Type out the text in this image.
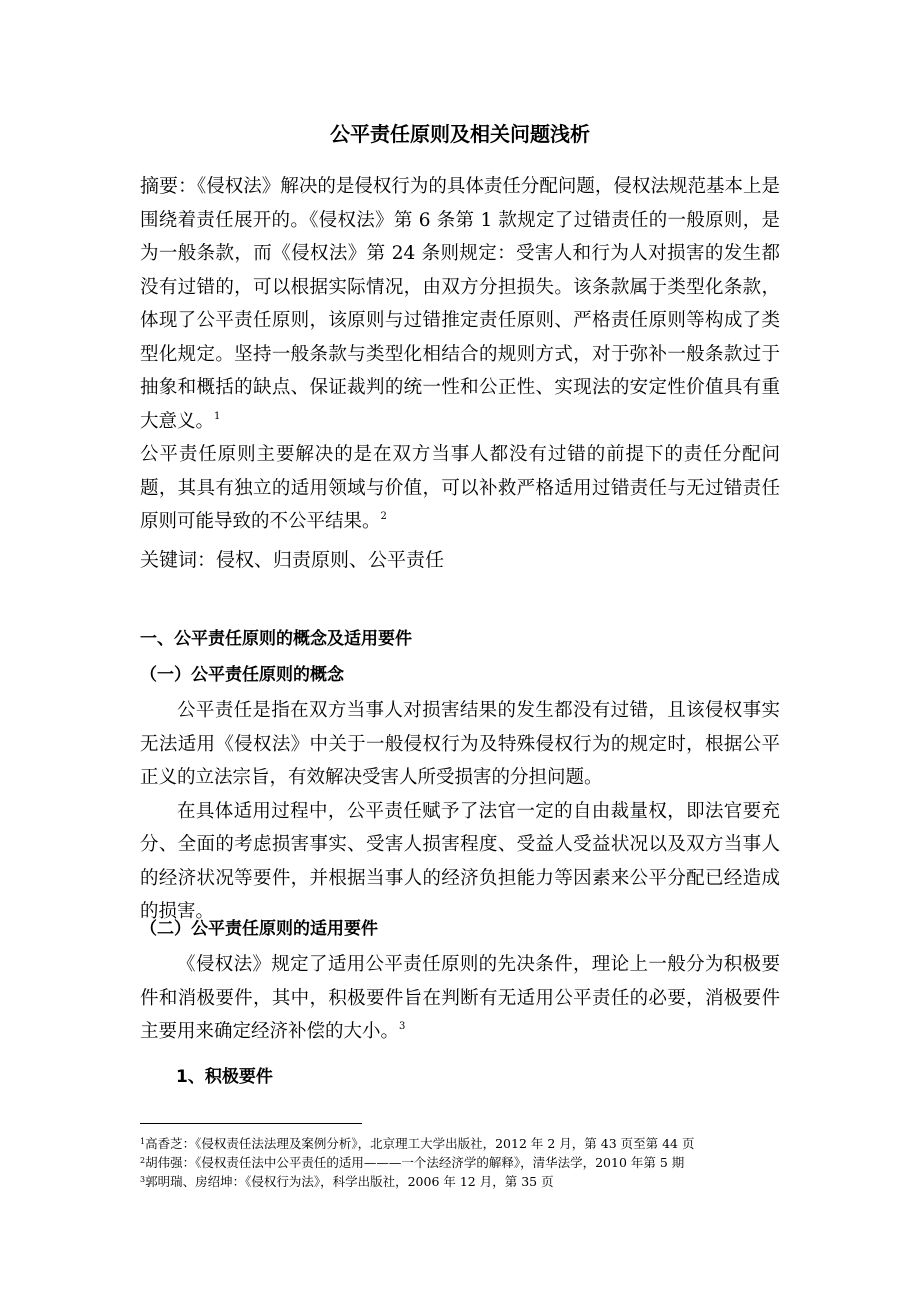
公平责任原则及相关问题浅析

摘要：《侵权法》解决的是侵权行为的具体责任分配问题，侵权法规范基本上是围绕着责任展开的。《侵权法》第 6 条第 1 款规定了过错责任的一般原则，是为一般条款，而《侵权法》第 24 条则规定：受害人和行为人对损害的发生都没有过错的，可以根据实际情况，由双方分担损失。该条款属于类型化条款，体现了公平责任原则，该原则与过错推定责任原则、严格责任原则等构成了类型化规定。坚持一般条款与类型化相结合的规则方式，对于弥补一般条款过于抽象和概括的缺点、保证裁判的统一性和公正性、实现法的安定性价值具有重大意义。$^1$

公平责任原则主要解决的是在双方当事人都没有过错的前提下的责任分配问题，其具有独立的适用领域与价值，可以补救严格适用过错责任与无过错责任原则可能导致的不公平结果。$^2$

关键词：侵权、归责原则、公平责任
一、公平责任原则的概念及适用要件
（一）公平责任原则的概念

公平责任是指在双方当事人对损害结果的发生都没有过错，且该侵权事实无法适用《侵权法》中关于一般侵权行为及特殊侵权行为的规定时，根据公平正义的立法宗旨，有效解决受害人所受损害的分担问题。

在具体适用过程中，公平责任赋予了法官一定的自由裁量权，即法官要充分、全面的考虑损害事实、受害人损害程度、受益人受益状况以及双方当事人的经济状况等要件，并根据当事人的经济负担能力等因素来公平分配已经造成的损害。

（二）公平责任原则的适用要件

《侵权法》规定了适用公平责任原则的先决条件，理论上一般分为积极要件和消极要件，其中，积极要件旨在判断有无适用公平责任的必要，消极要件主要用来确定经济补偿的大小。$^3$

1、积极要件
$^1$高香芝：《侵权责任法法理及案例分析》，北京理工大学出版社，2012 年 2 月，第 43 页至第 44 页
$^2$胡伟强：《侵权责任法中公平责任的适用———一个法经济学的解释》，清华法学，2010 年第 5 期
$^3$郭明瑞、房绍坤：《侵权行为法》，科学出版社，2006 年 12 月，第 35 页
